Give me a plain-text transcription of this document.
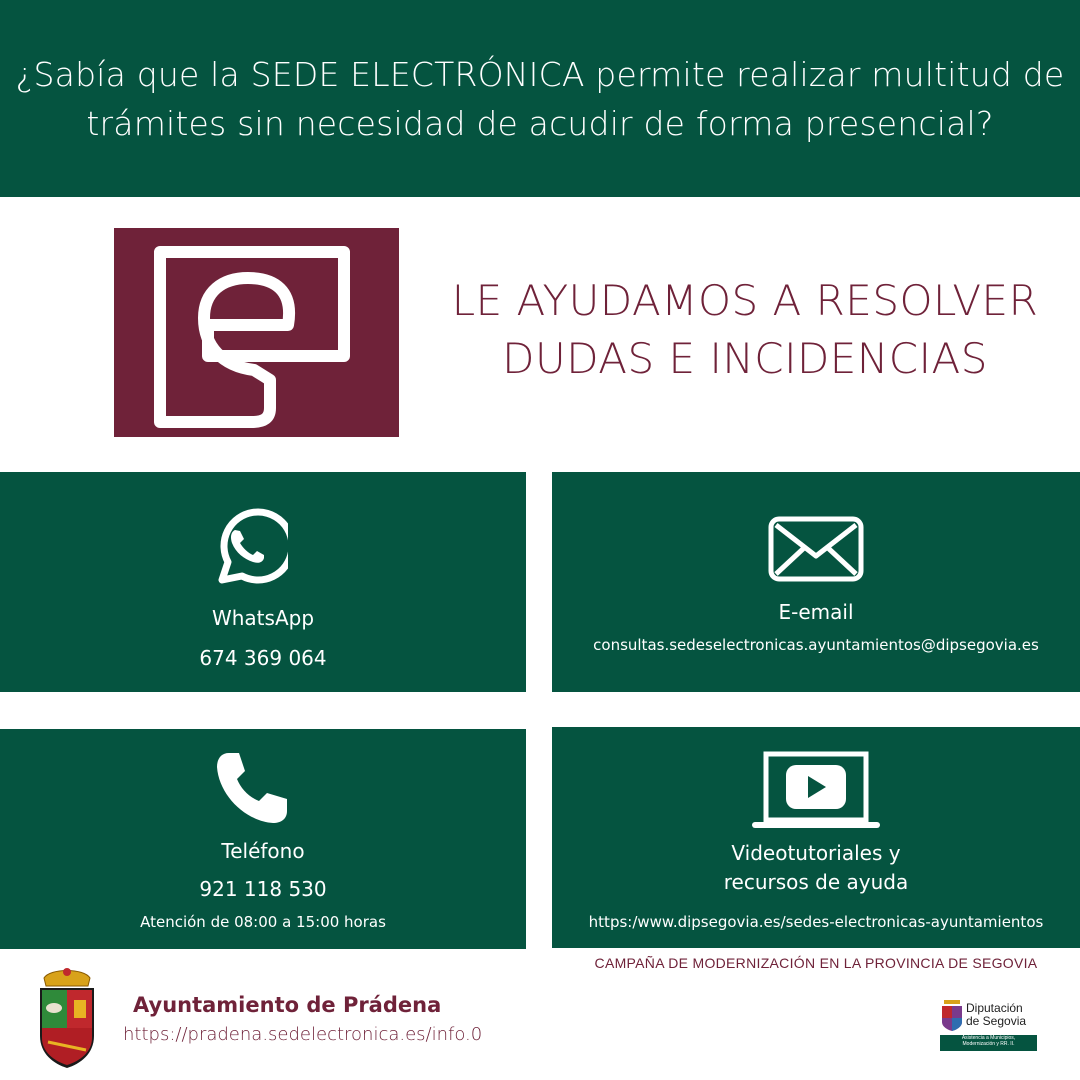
¿Sabía que la SEDE ELECTRÓNICA permite realizar multitud de
trámites sin necesidad de acudir de forma presencial?

LE AYUDAMOS A RESOLVER
DUDAS E INCIDENCIAS
WhatsApp
674 369 064
E-email
consultas.sedeselectronicas.ayuntamientos@dipsegovia.es
Teléfono
921 118 530
Atención de 08:00 a 15:00 horas
Videotutoriales y
recursos de ayuda
https:/www.dipsegovia.es/sedes-electronicas-ayuntamientos
CAMPAÑA DE MODERNIZACIÓN EN LA PROVINCIA DE SEGOVIA
Ayuntamiento de Prádena
https://pradena.sedelectronica.es/info.0
Diputación
de Segovia
Asistencia a Municipios,
Modernización y RR. II.
